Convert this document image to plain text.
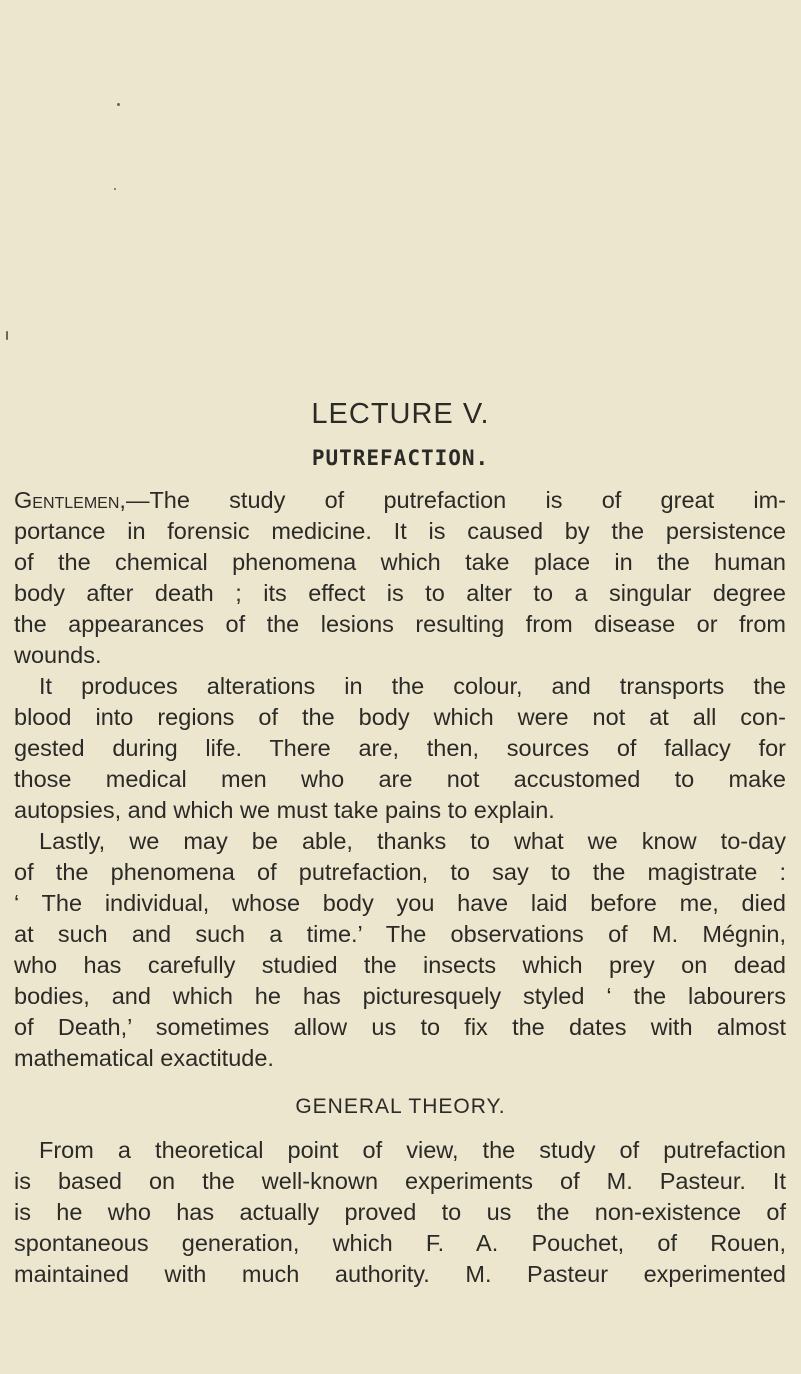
LECTURE V.
PUTREFACTION.
Gentlemen,—The study of putrefaction is of great im-
portance in forensic medicine. It is caused by the persistence
of the chemical phenomena which take place in the human
body after death ; its effect is to alter to a singular degree
the appearances of the lesions resulting from disease or from
wounds.
It produces alterations in the colour, and transports the
blood into regions of the body which were not at all con-
gested during life. There are, then, sources of fallacy for
those medical men who are not accustomed to make
autopsies, and which we must take pains to explain.
Lastly, we may be able, thanks to what we know to-day
of the phenomena of putrefaction, to say to the magistrate :
‘ The individual, whose body you have laid before me, died
at such and such a time.’ The observations of M. Mégnin,
who has carefully studied the insects which prey on dead
bodies, and which he has picturesquely styled ‘ the labourers
of Death,’ sometimes allow us to fix the dates with almost
mathematical exactitude.
GENERAL THEORY.
From a theoretical point of view, the study of putrefaction
is based on the well-known experiments of M. Pasteur. It
is he who has actually proved to us the non-existence of
spontaneous generation, which F. A. Pouchet, of Rouen,
maintained with much authority. M. Pasteur experimented
